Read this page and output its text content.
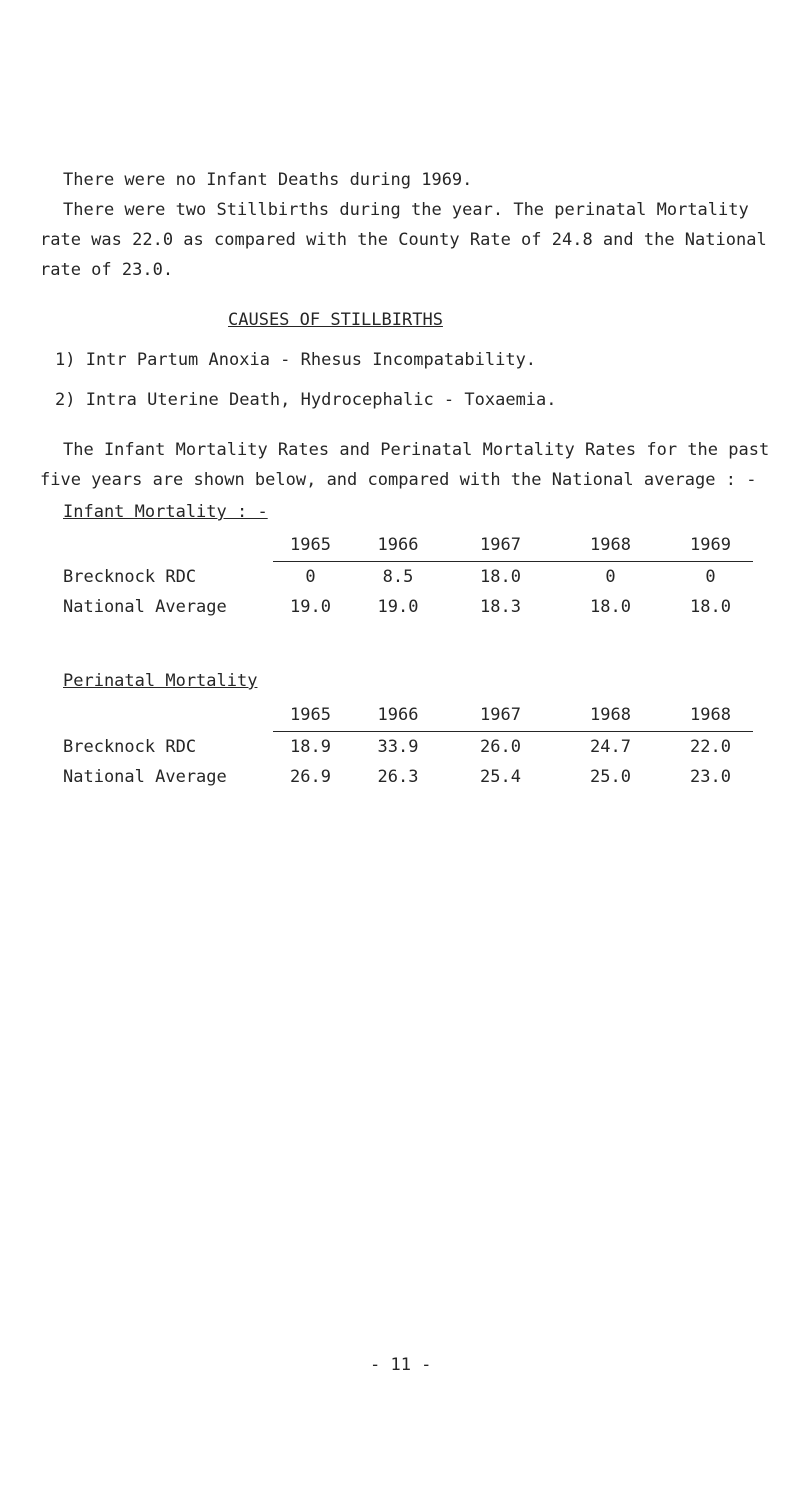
There were no Infant Deaths during 1969.
There were two Stillbirths during the year. The perinatal Mortality
rate was 22.0 as compared with the County Rate of 24.8 and the National
rate of 23.0.
CAUSES OF STILLBIRTHS
1) Intr Partum Anoxia - Rhesus Incompatability.
2) Intra Uterine Death, Hydrocephalic - Toxaemia.
The Infant Mortality Rates and Perinatal Mortality Rates for the past
five years are shown below, and compared with the National average : -
Infant Mortality : -
	1965	1966	1967	1968	1969
Brecknock RDC	0	8.5	18.0	0	0
National Average	19.0	19.0	18.3	18.0	18.0
Perinatal Mortality
	1965	1966	1967	1968	1968
Brecknock RDC	18.9	33.9	26.0	24.7	22.0
National Average	26.9	26.3	25.4	25.0	23.0
- 11 -
